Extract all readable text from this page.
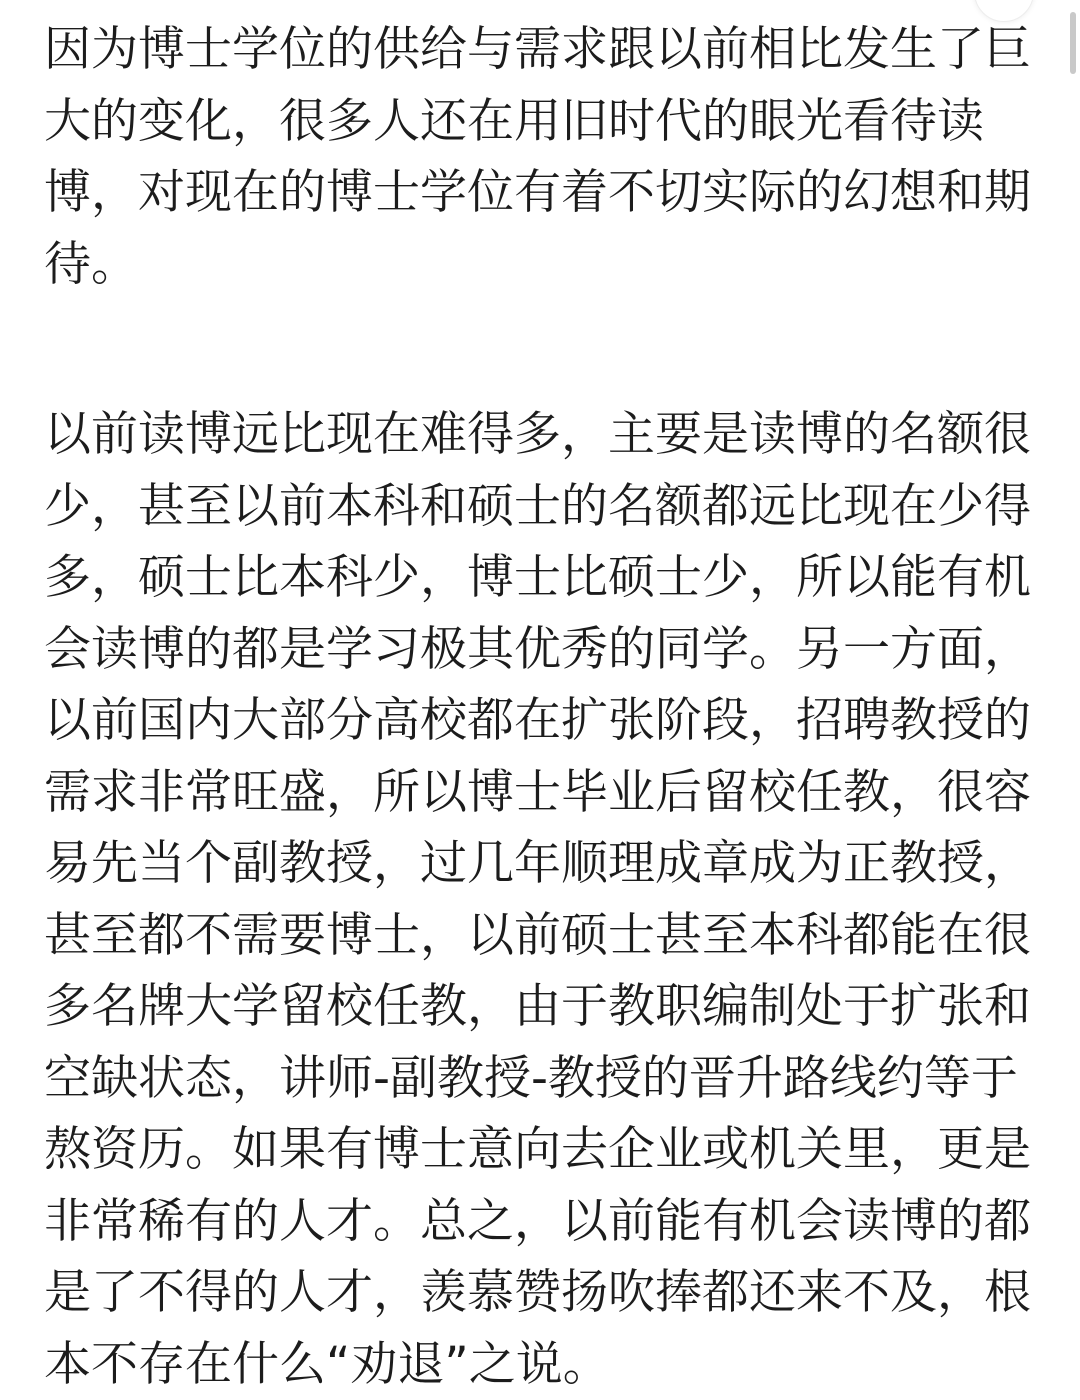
因为博士学位的供给与需求跟以前相比发生了巨
大的变化，很多人还在用旧时代的眼光看待读
博，对现在的博士学位有着不切实际的幻想和期
待。
以前读博远比现在难得多，主要是读博的名额很
少，甚至以前本科和硕士的名额都远比现在少得
多，硕士比本科少，博士比硕士少，所以能有机
会读博的都是学习极其优秀的同学。另一方面，
以前国内大部分高校都在扩张阶段，招聘教授的
需求非常旺盛，所以博士毕业后留校任教，很容
易先当个副教授，过几年顺理成章成为正教授，
甚至都不需要博士，以前硕士甚至本科都能在很
多名牌大学留校任教，由于教职编制处于扩张和
空缺状态，讲师-副教授-教授的晋升路线约等于
熬资历。如果有博士意向去企业或机关里，更是
非常稀有的人才。总之，以前能有机会读博的都
是了不得的人才，羡慕赞扬吹捧都还来不及，根
本不存在什么“劝退”之说。
